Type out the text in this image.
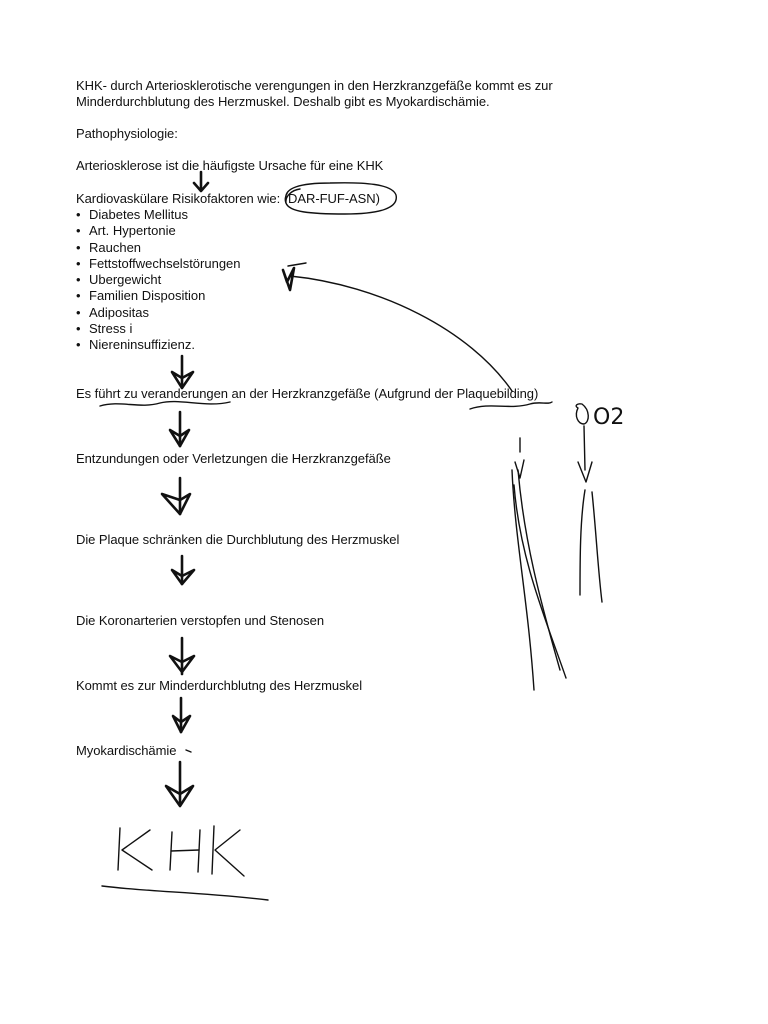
KHK- durch Arteriosklerotische verengungen in den Herzkranzgefäße kommt es zur
Minderdurchblutung des Herzmuskel. Deshalb gibt es Myokardischämie.
Pathophysiologie:
Arteriosklerose ist die häufigste Ursache für eine KHK
Kardiovaskülare Risikofaktoren wie: (DAR-FUF-ASN)
• Diabetes Mellitus
• Art. Hypertonie
• Rauchen
• Fettstoffwechselstörungen
• Ubergewicht
• Familien Disposition
• Adipositas
• Stress i
• Niereninsuffizienz.
Es führt zu veranderungen an der Herzkranzgefäße (Aufgrund der Plaquebilding)
Entzundungen oder Verletzungen die Herzkranzgefäße
Die Plaque schränken die Durchblutung des Herzmuskel
Die Koronarterien verstopfen und Stenosen
Kommt es zur Minderdurchblutng des Herzmuskel
Myokardischämie
KHK
O2
